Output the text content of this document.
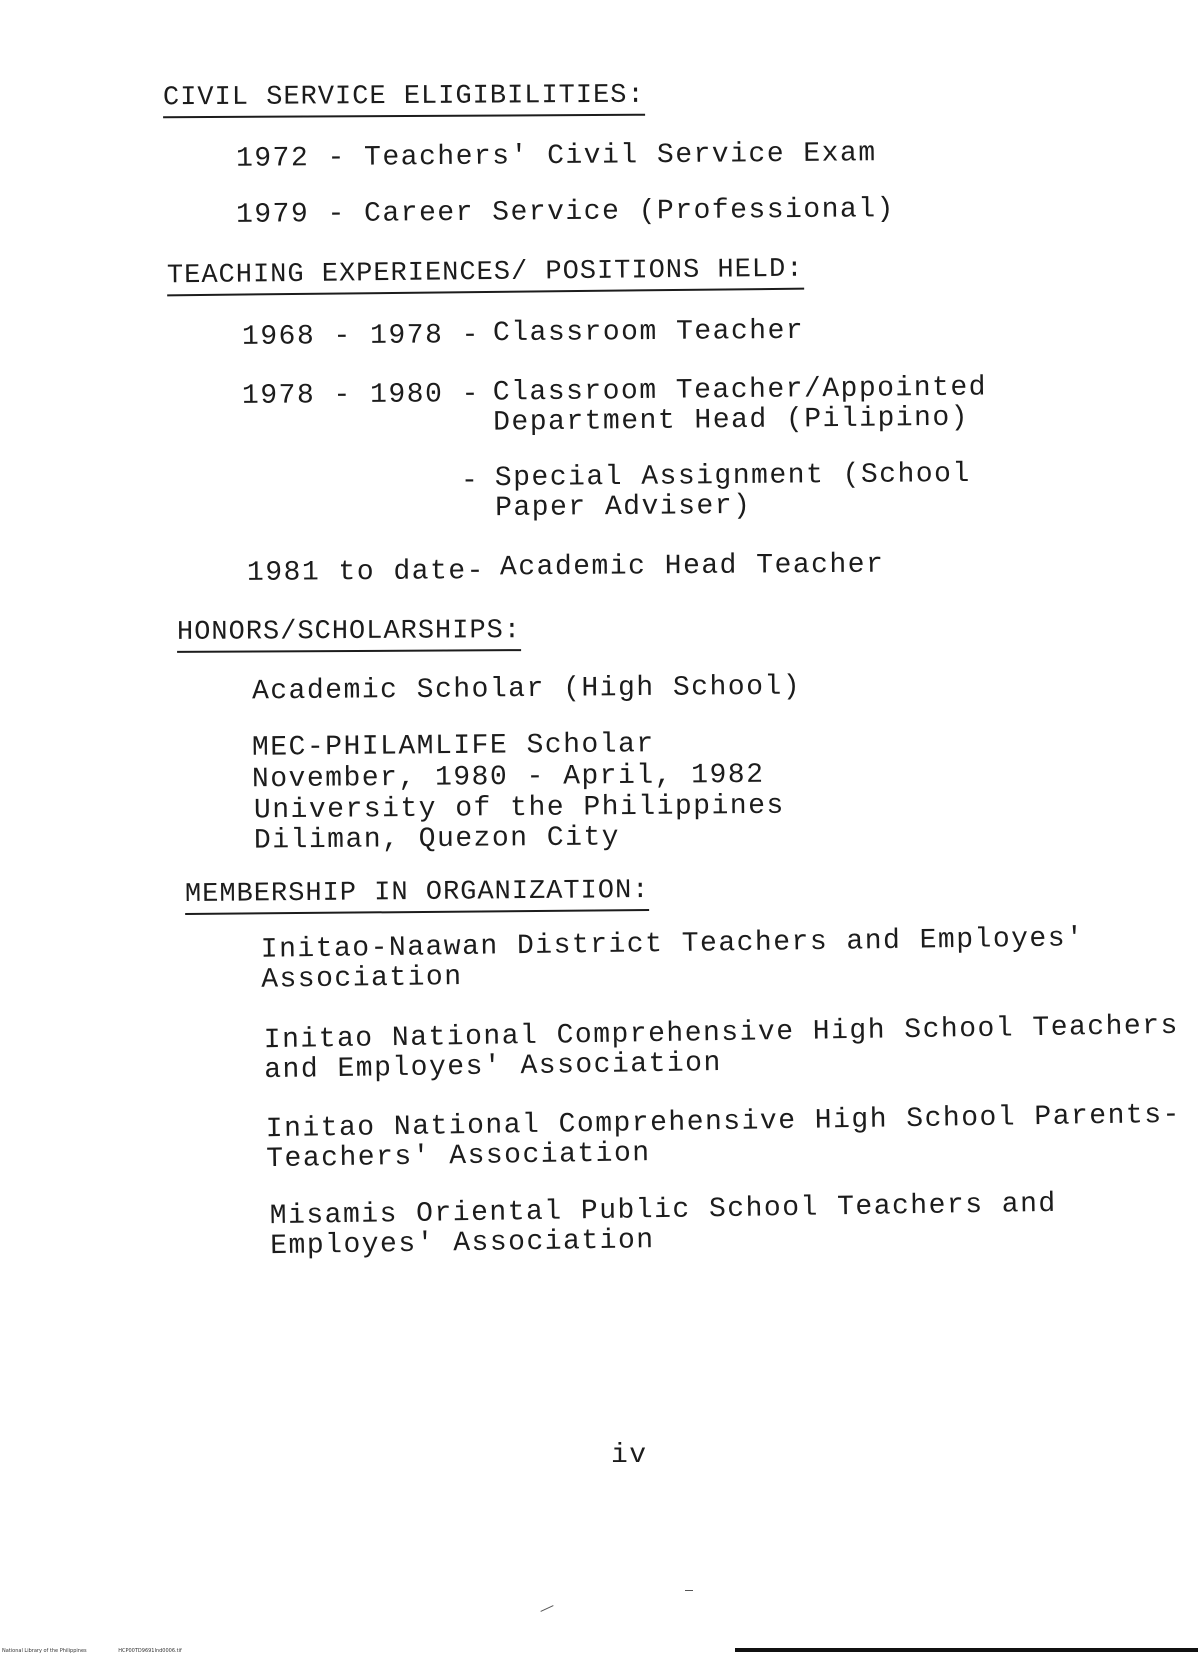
CIVIL SERVICE ELIGIBILITIES:
1972 - Teachers' Civil Service Exam
1979 - Career Service (Professional)
TEACHING EXPERIENCES/ POSITIONS HELD:
1968 - 1978 - Classroom Teacher
1978 - 1980 - Classroom Teacher/Appointed
Department Head (Pilipino)
- Special Assignment (School
Paper Adviser)
1981 to date- Academic Head Teacher
HONORS/SCHOLARSHIPS:
Academic Scholar (High School)
MEC-PHILAMLIFE Scholar
November, 1980 - April, 1982
University of the Philippines
Diliman, Quezon City
MEMBERSHIP IN ORGANIZATION:
Initao-Naawan District Teachers and Employes'
Association
Initao National Comprehensive High School Teachers
and Employes' Association
Initao National Comprehensive High School Parents-
Teachers' Association
Misamis Oriental Public School Teachers and
Employes' Association
iv
National Library of the Philippines	HCP00TD9691Ind0006.tif
